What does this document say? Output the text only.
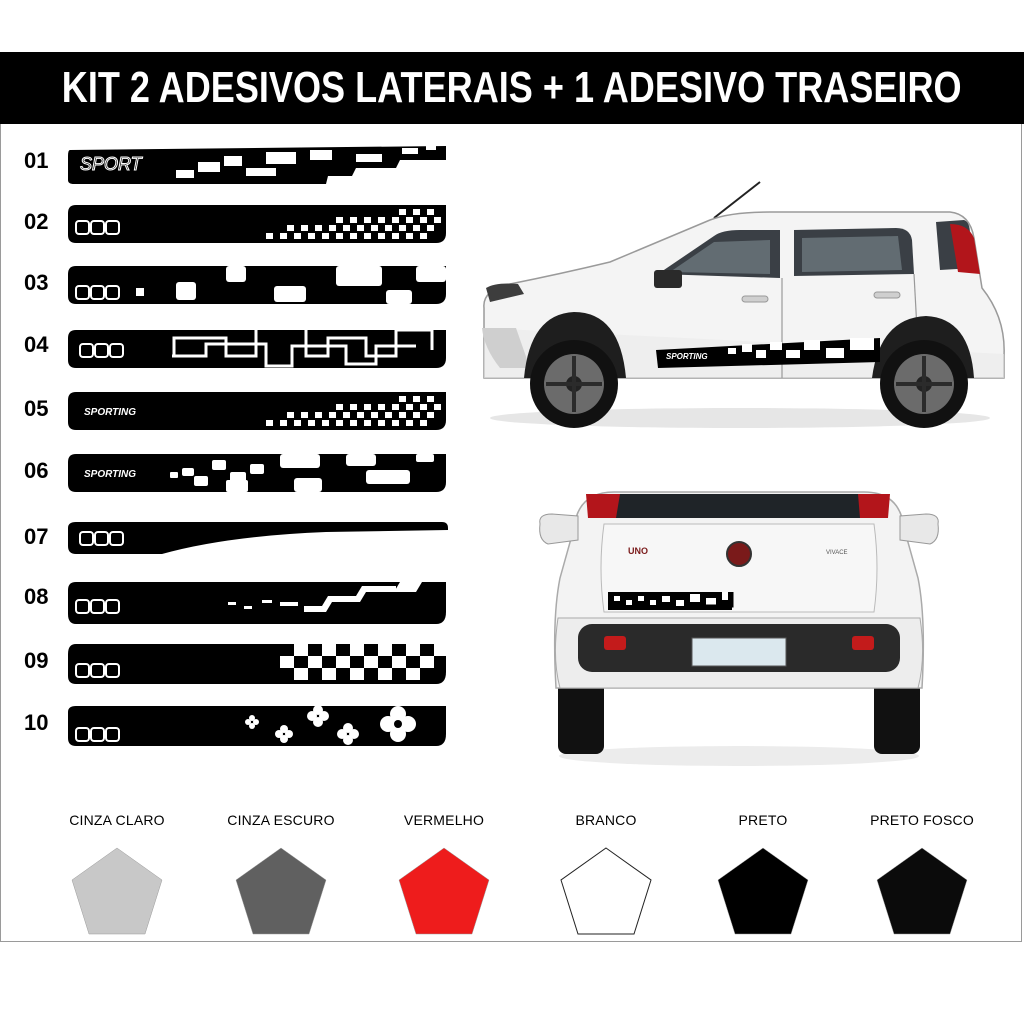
KIT 2 ADESIVOS LATERAIS + 1 ADESIVO TRASEIRO
01	SPORT
02
03
04
05	SPORTING
06	SPORTING
07
08
09
10
SPORTING
UNO	VIVACE
CINZA CLARO	CINZA ESCURO	VERMELHO	BRANCO	PRETO	PRETO FOSCO
